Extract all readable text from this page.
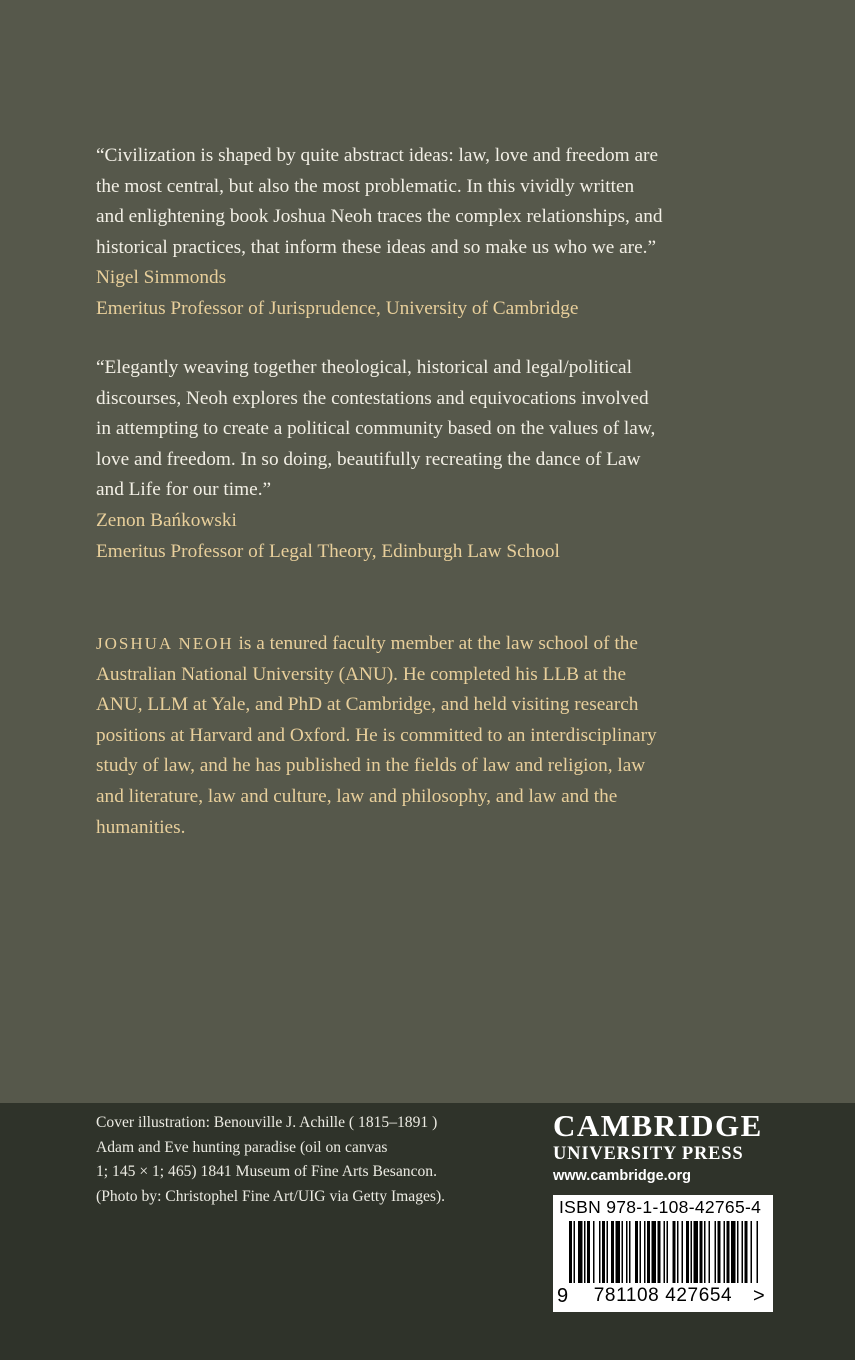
“Civilization is shaped by quite abstract ideas: law, love and freedom are

the most central, but also the most problematic. In this vividly written

and enlightening book Joshua Neoh traces the complex relationships, and

historical practices, that inform these ideas and so make us who we are.”

Nigel Simmonds

Emeritus Professor of Jurisprudence, University of Cambridge

“Elegantly weaving together theological, historical and legal/political

discourses, Neoh explores the contestations and equivocations involved

in attempting to create a political community based on the values of law,

love and freedom. In so doing, beautifully recreating the dance of Law

and Life for our time.”

Zenon Bańkowski

Emeritus Professor of Legal Theory, Edinburgh Law School

JOSHUA NEOH is a tenured faculty member at the law school of the
Australian National University (ANU). He completed his LLB at the
ANU, LLM at Yale, and PhD at Cambridge, and held visiting research
positions at Harvard and Oxford. He is committed to an interdisciplinary
study of law, and he has published in the fields of law and religion, law
and literature, law and culture, law and philosophy, and law and the
humanities.
Cover illustration: Benouville J. Achille ( 1815–1891 )
Adam and Eve hunting paradise (oil on canvas
1; 145 × 1; 465) 1841 Museum of Fine Arts Besancon.
(Photo by: Christophel Fine Art/UIG via Getty Images).
CAMBRIDGE
UNIVERSITY PRESS
www.cambridge.org
ISBN 978-1-108-42765-4
9	781108 427654	>
